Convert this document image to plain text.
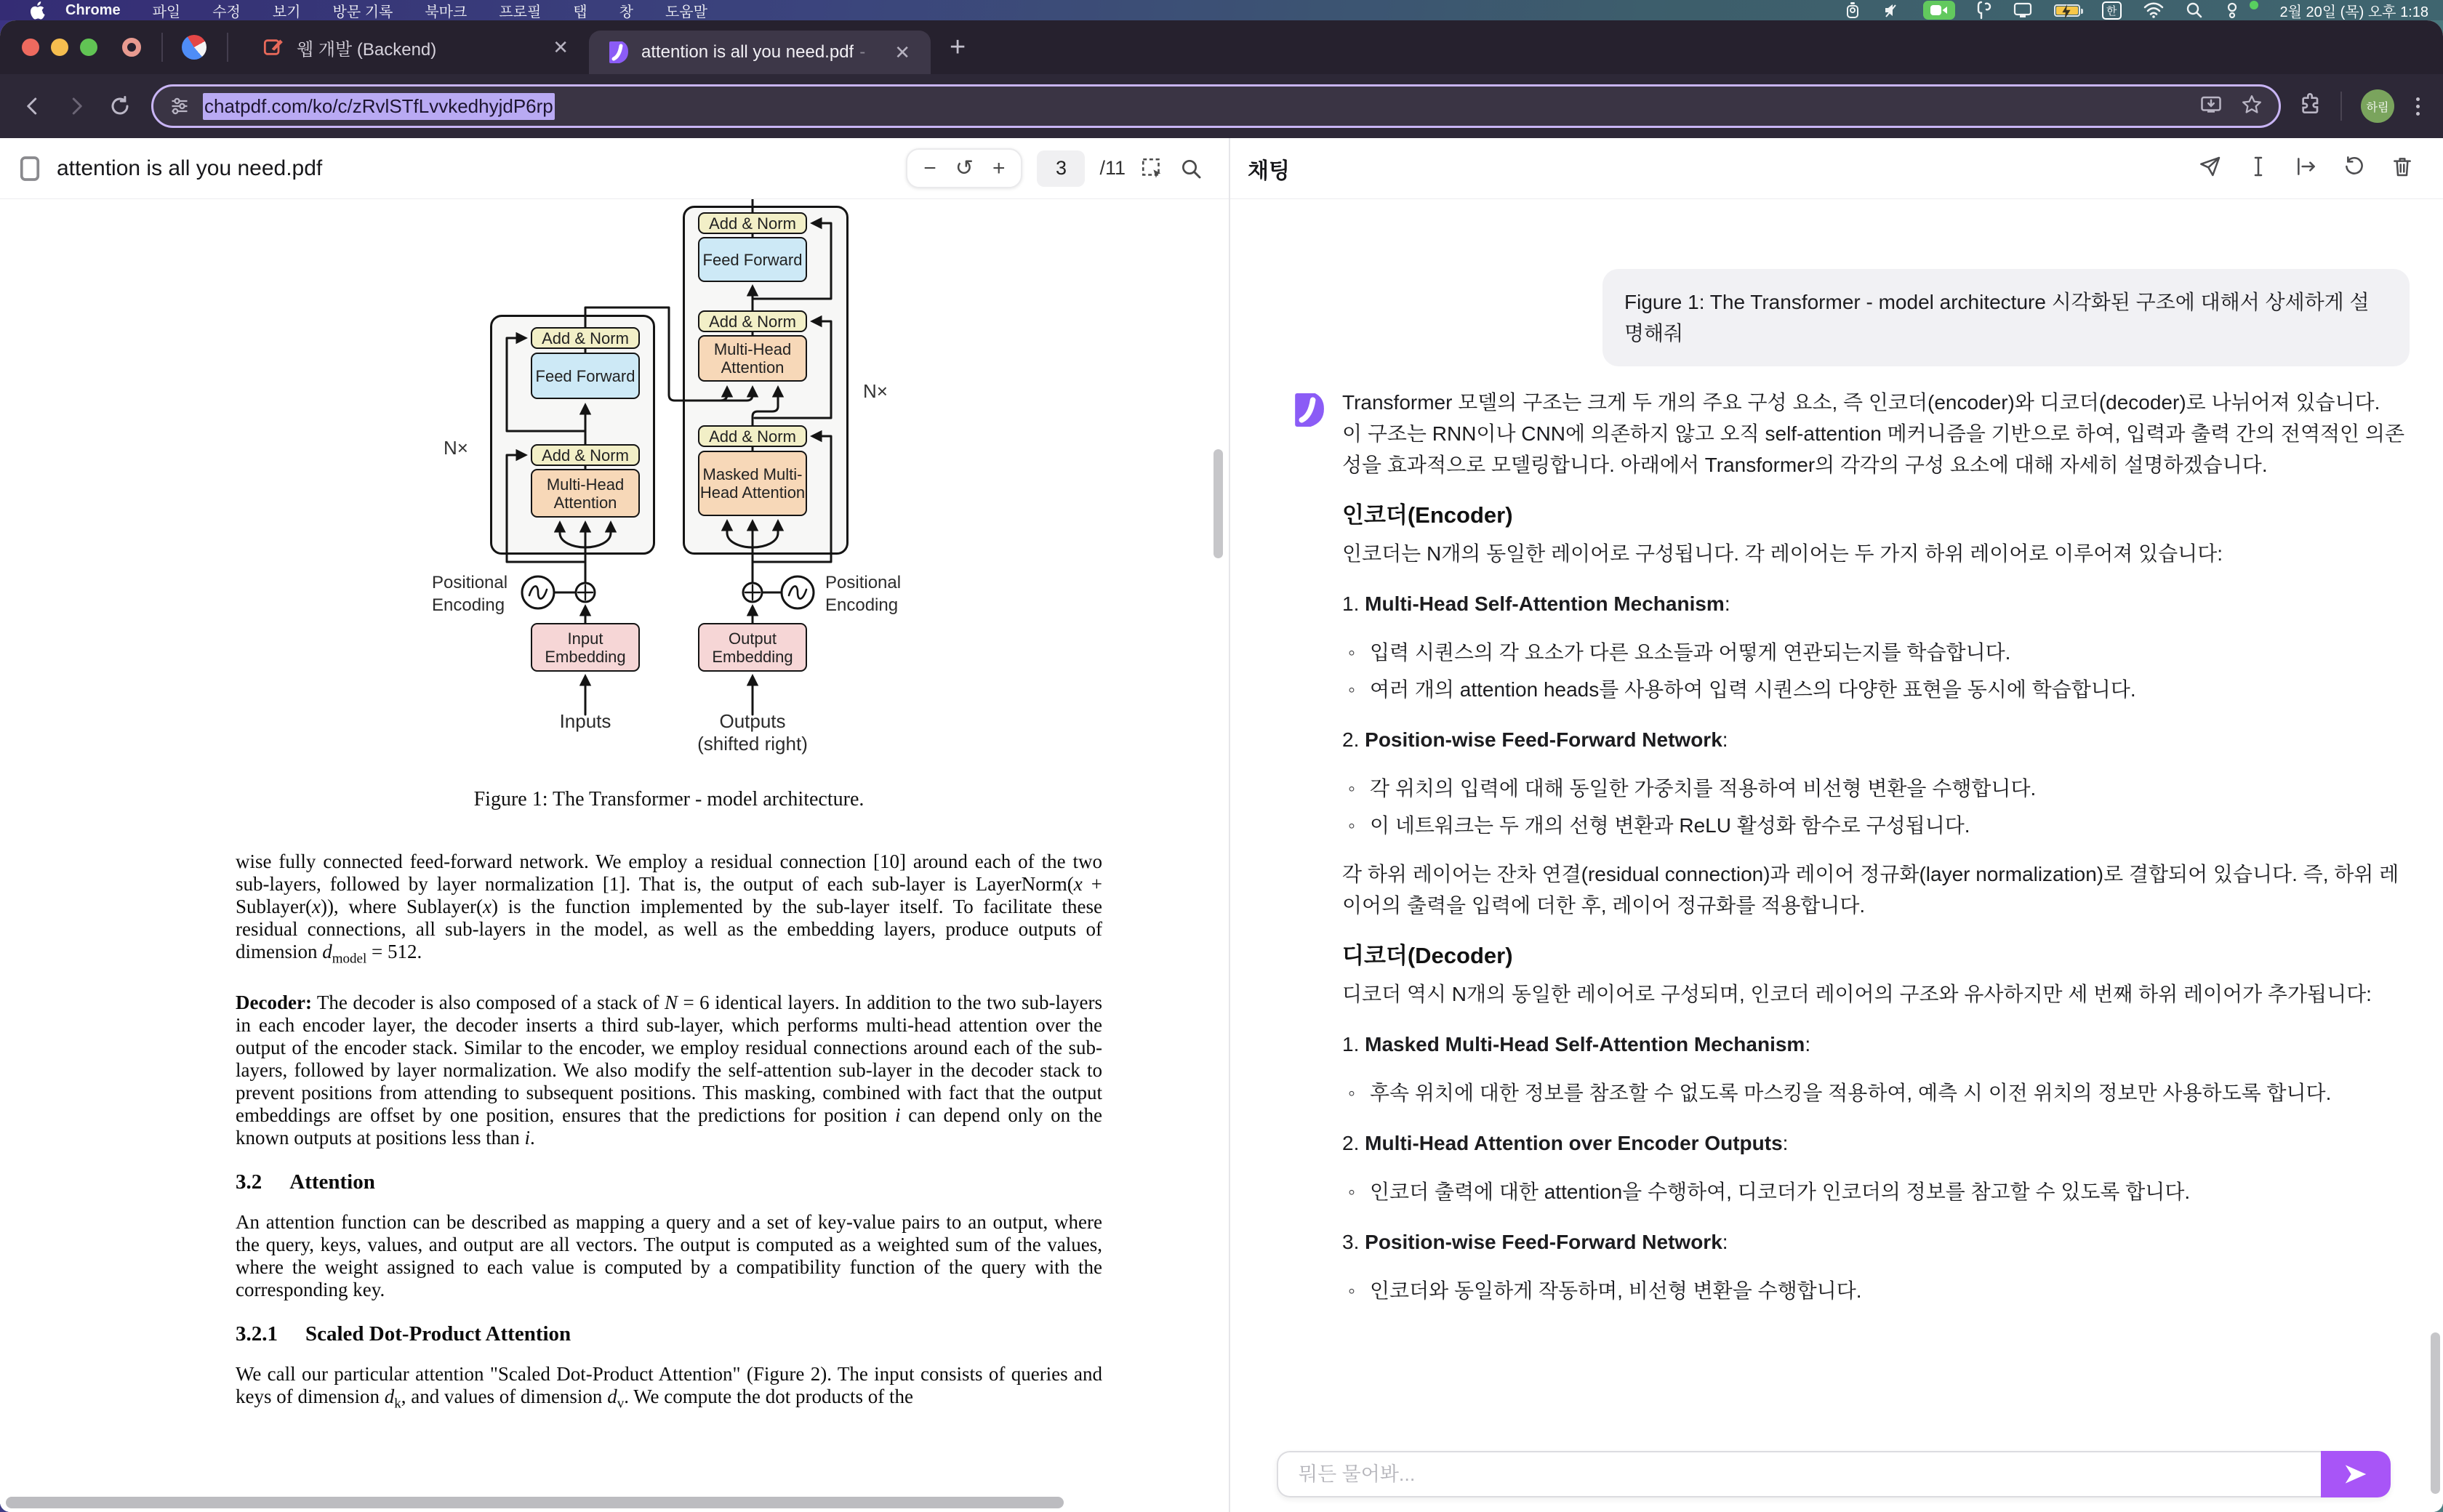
Chrome 파일 수정 보기 방문 기록 북마크 프로필 탭 창 도움말	한	2월 20일 (목) 오후 1:18
웹 개발 (Backend)	✕	attention is all you need.pdf - ✕ +
chatpdf.com/ko/c/zRvlSTfLvvkedhyjdP6rp	하림
attention is all you need.pdf	− ↺ +	3	/11
Add & Norm
Feed Forward
Add & Norm
Multi-Head Attention
Add & Norm
Masked Multi-Head Attention
Output Embedding
Add & Norm
Feed Forward
Add & Norm
Multi-Head Attention
Input Embedding
N×
N×
Positional
Encoding
Positional
Encoding
Inputs	Outputs
(shifted right)
Figure 1: The Transformer - model architecture.

wise fully connected feed-forward network. We employ a residual connection [10] around each of the two sub-layers, followed by layer normalization [1]. That is, the output of each sub-layer is LayerNorm(x + Sublayer(x)), where Sublayer(x) is the function implemented by the sub-layer itself. To facilitate these residual connections, all sub-layers in the model, as well as the embedding layers, produce outputs of dimension $d_{model} = 512$.

Decoder: The decoder is also composed of a stack of N = 6 identical layers. In addition to the two sub-layers in each encoder layer, the decoder inserts a third sub-layer, which performs multi-head attention over the output of the encoder stack. Similar to the encoder, we employ residual connections around each of the sub-layers, followed by layer normalization. We also modify the self-attention sub-layer in the decoder stack to prevent positions from attending to subsequent positions. This masking, combined with fact that the output embeddings are offset by one position, ensures that the predictions for position i can depend only on the known outputs at positions less than i.

3.2 Attention

An attention function can be described as mapping a query and a set of key-value pairs to an output, where the query, keys, values, and output are all vectors. The output is computed as a weighted sum of the values, where the weight assigned to each value is computed by a compatibility function of the query with the corresponding key.

3.2.1 Scaled Dot-Product Attention

We call our particular attention "Scaled Dot-Product Attention" (Figure 2). The input consists of queries and keys of dimension $d_k$, and values of dimension $d_v$. We compute the dot products of the

채팅
Figure 1: The Transformer - model architecture 시각화된 구조에 대해서 상세하게 설명해줘

Transformer 모델의 구조는 크게 두 개의 주요 구성 요소, 즉 인코더(encoder)와 디코더(decoder)로 나뉘어져 있습니다. 이 구조는 RNN이나 CNN에 의존하지 않고 오직 self-attention 메커니즘을 기반으로 하여, 입력과 출력 간의 전역적인 의존성을 효과적으로 모델링합니다. 아래에서 Transformer의 각각의 구성 요소에 대해 자세히 설명하겠습니다.

인코더(Encoder)

인코더는 N개의 동일한 레이어로 구성됩니다. 각 레이어는 두 가지 하위 레이어로 이루어져 있습니다:

1. Multi-Head Self-Attention Mechanism:
◦ 입력 시퀀스의 각 요소가 다른 요소들과 어떻게 연관되는지를 학습합니다.
◦ 여러 개의 attention heads를 사용하여 입력 시퀀스의 다양한 표현을 동시에 학습합니다.
2. Position-wise Feed-Forward Network:
◦ 각 위치의 입력에 대해 동일한 가중치를 적용하여 비선형 변환을 수행합니다.
◦ 이 네트워크는 두 개의 선형 변환과 ReLU 활성화 함수로 구성됩니다.

각 하위 레이어는 잔차 연결(residual connection)과 레이어 정규화(layer normalization)로 결합되어 있습니다. 즉, 하위 레이어의 출력을 입력에 더한 후, 레이어 정규화를 적용합니다.

디코더(Decoder)

디코더 역시 N개의 동일한 레이어로 구성되며, 인코더 레이어의 구조와 유사하지만 세 번째 하위 레이어가 추가됩니다:

1. Masked Multi-Head Self-Attention Mechanism:
◦ 후속 위치에 대한 정보를 참조할 수 없도록 마스킹을 적용하여, 예측 시 이전 위치의 정보만 사용하도록 합니다.
2. Multi-Head Attention over Encoder Outputs:
◦ 인코더 출력에 대한 attention을 수행하여, 디코더가 인코더의 정보를 참고할 수 있도록 합니다.
3. Position-wise Feed-Forward Network:
◦ 인코더와 동일하게 작동하며, 비선형 변환을 수행합니다.
뭐든 물어봐...
